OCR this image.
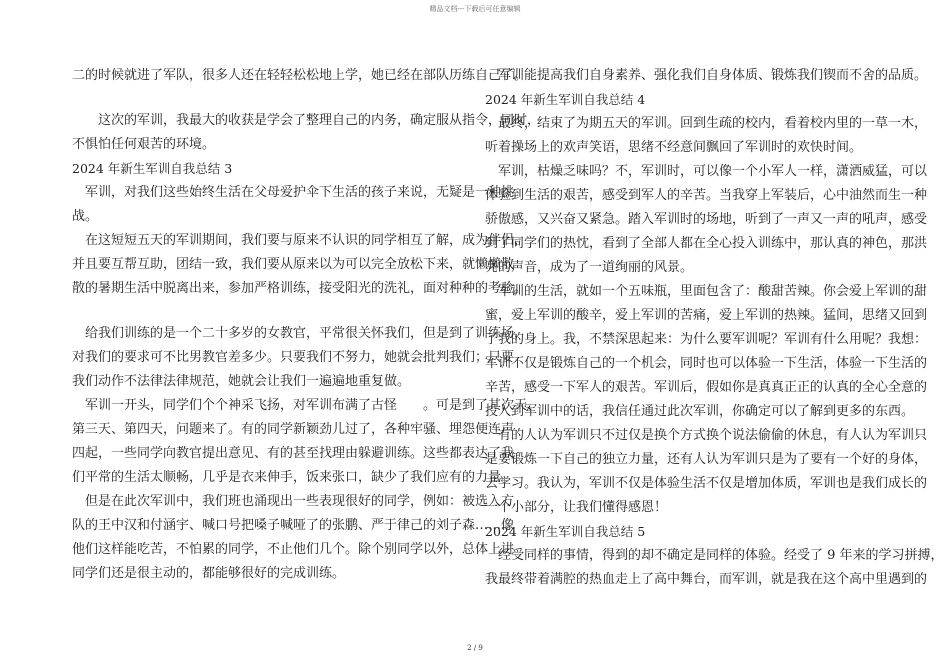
精品文档---下载后可任意编辑
二的时候就进了军队，很多人还在轻轻松松地上学，她已经在部队历练自己了。
　　这次的军训，我最大的收获是学会了整理自己的内务，确定服从指令，同时，
不惧怕任何艰苦的环境。
2024 年新生军训自我总结 3
　军训，对我们这些始终生活在父母爱护伞下生活的孩子来说，无疑是一种挑
战。
　在这短短五天的军训期间，我们要与原来不认识的同学相互了解，成为伴侣，
并且要互帮互助，团结一致，我们要从原来以为可以完全放松下来，就懒懒散
散的暑期生活中脱离出来，参加严格训练，接受阳光的洗礼，面对种种的考验。
　给我们训练的是一个二十多岁的女教官，平常很关怀我们，但是到了训练场，
对我们的要求可不比男教官差多少。只要我们不努力，她就会批判我们；只要
我们动作不法律法律规范，她就会让我们一遍遍地重复做。
　军训一开头，同学们个个神采飞扬，对军训布满了古怪　　。可是到了其次天、
第三天、第四天，问题来了。有的同学新颖劲儿过了，各种牢骚、埋怨便连声
四起，一些同学向教官提出意见、有的甚至找理由躲避训练。这些都表达了我
们平常的生活太顺畅，几乎是衣来伸手，饭来张口，缺少了我们应有的力量。
　但是在此次军训中，我们班也涌现出一些表现很好的同学，例如：被选入方
队的王中汉和付涵宇、喊口号把嗓子喊哑了的张鹏、严于律己的刘子森……像
他们这样能吃苦，不怕累的同学，不止他们几个。除个别同学以外，总体上讲
同学们还是很主动的，都能够很好的完成训练。
　军训能提高我们自身素养、强化我们自身体质、锻炼我们锲而不舍的品质。
2024 年新生军训自我总结 4
　最终，结束了为期五天的军训。回到生疏的校内，看着校内里的一草一木，
听着操场上的欢声笑语，思绪不经意间飘回了军训时的欢快时间。
　军训，枯燥乏味吗？不，军训时，可以像一个小军人一样，潇洒威猛，可以
体验到生活的艰苦，感受到军人的辛苦。当我穿上军装后，心中油然而生一种
骄傲感，又兴奋又紧急。踏入军训时的场地，听到了一声又一声的吼声，感受
到了同学们的热忱，看到了全部人都在全心投入训练中，那认真的神色，那洪
亮的声音，成为了一道绚丽的风景。
　军训的生活，就如一个五味瓶，里面包含了：酸甜苦辣。你会爱上军训的甜
蜜，爱上军训的酸辛，爱上军训的苦痛，爱上军训的热辣。猛间，思绪又回到
了我的身上。我，不禁深思起来：为什么要军训呢？军训有什么用呢？我想：
军训不仅是锻炼自己的一个机会，同时也可以体验一下生活，体验一下生活的
辛苦，感受一下军人的艰苦。军训后，假如你是真真正正的认真的全心全意的
投入到军训中的话，我信任通过此次军训，你确定可以了解到更多的东西。
　有的人认为军训只不过仅是换个方式换个说法偷偷的休息，有人认为军训只
是要锻炼一下自己的独立力量，还有人认为军训只是为了要有一个好的身体，
去学习。我认为，军训不仅是体验生活不仅是增加体质，军训也是我们成长的
一个小部分，让我们懂得感恩！
2024 年新生军训自我总结 5
　经受同样的事情，得到的却不确定是同样的体验。经受了 9 年来的学习拼搏，
我最终带着满腔的热血走上了高中舞台，而军训，就是我在这个高中里遇到的
2 / 9
